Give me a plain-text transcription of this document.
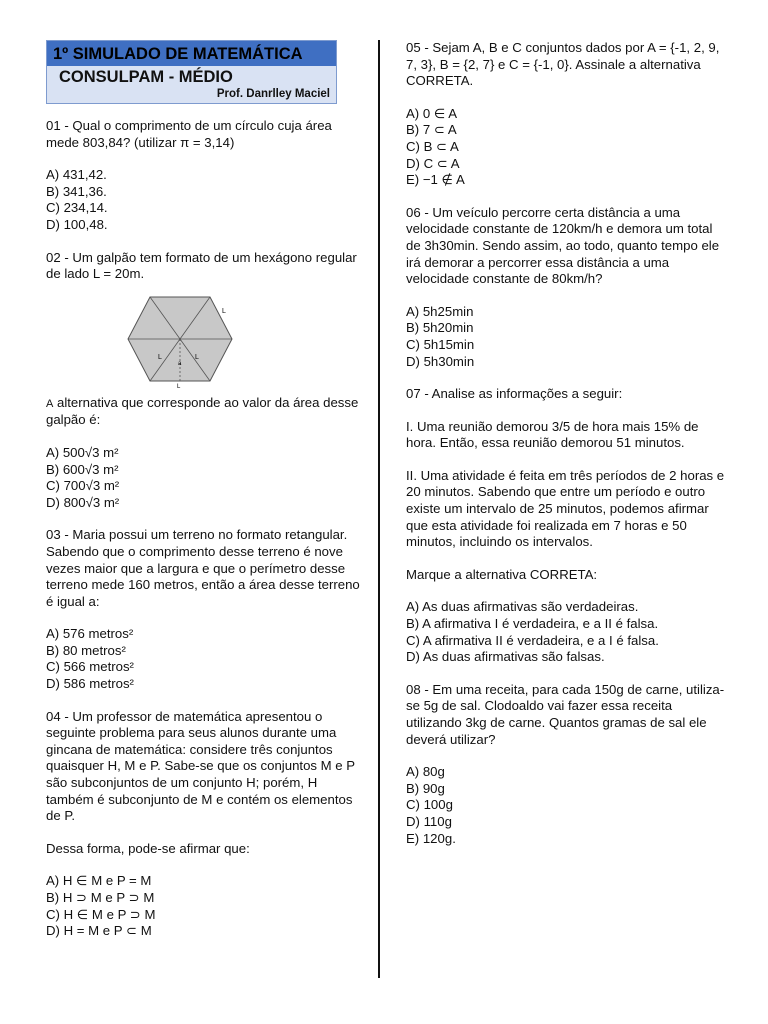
1º SIMULADO DE MATEMÁTICA
CONSULPAM - MÉDIO
Prof. Danrlley Maciel

01 - Qual o comprimento de um círculo cuja área mede 803,84? (utilizar π = 3,14)

A) 431,42.
B) 341,36.
C) 234,14.
D) 100,48.

02 - Um galpão tem formato de um hexágono regular de lado L = 20m.

L
L	L
a
L

A alternativa que corresponde ao valor da área desse galpão é:

A) 500√3 m²
B) 600√3 m²
C) 700√3 m²
D) 800√3 m²

03 - Maria possui um terreno no formato retangular. Sabendo que o comprimento desse terreno é nove vezes maior que a largura e que o perímetro desse terreno mede 160 metros, então a área desse terreno é igual a:

A) 576 metros²
B) 80 metros²
C) 566 metros²
D) 586 metros²

04 - Um professor de matemática apresentou o seguinte problema para seus alunos durante uma gincana de matemática: considere três conjuntos quaisquer H, M e P. Sabe-se que os conjuntos M e P são subconjuntos de um conjunto H; porém, H também é subconjunto de M e contém os elementos de P.

Dessa forma, pode-se afirmar que:

A) H ∈ M e P = M
B) H ⊃ M e P ⊃ M
C) H ∈ M e P ⊃ M
D) H = M e P ⊂ M

05 - Sejam A, B e C conjuntos dados por A = {-1, 2, 9, 7, 3}, B = {2, 7} e C = {-1, 0}. Assinale a alternativa CORRETA.

A) 0 ∈ A
B) 7 ⊂ A
C) B ⊂ A
D) C ⊂ A
E) −1 ∉ A

06 - Um veículo percorre certa distância a uma velocidade constante de 120km/h e demora um total de 3h30min. Sendo assim, ao todo, quanto tempo ele irá demorar a percorrer essa distância a uma velocidade constante de 80km/h?

A) 5h25min
B) 5h20min
C) 5h15min
D) 5h30min

07 - Analise as informações a seguir:

I. Uma reunião demorou 3/5 de hora mais 15% de hora. Então, essa reunião demorou 51 minutos.

II. Uma atividade é feita em três períodos de 2 horas e 20 minutos. Sabendo que entre um período e outro existe um intervalo de 25 minutos, podemos afirmar que esta atividade foi realizada em 7 horas e 50 minutos, incluindo os intervalos.

Marque a alternativa CORRETA:

A) As duas afirmativas são verdadeiras.
B) A afirmativa I é verdadeira, e a II é falsa.
C) A afirmativa II é verdadeira, e a I é falsa.
D) As duas afirmativas são falsas.

08 - Em uma receita, para cada 150g de carne, utiliza-se 5g de sal. Clodoaldo vai fazer essa receita utilizando 3kg de carne. Quantos gramas de sal ele deverá utilizar?

A) 80g
B) 90g
C) 100g
D) 110g
E) 120g.
